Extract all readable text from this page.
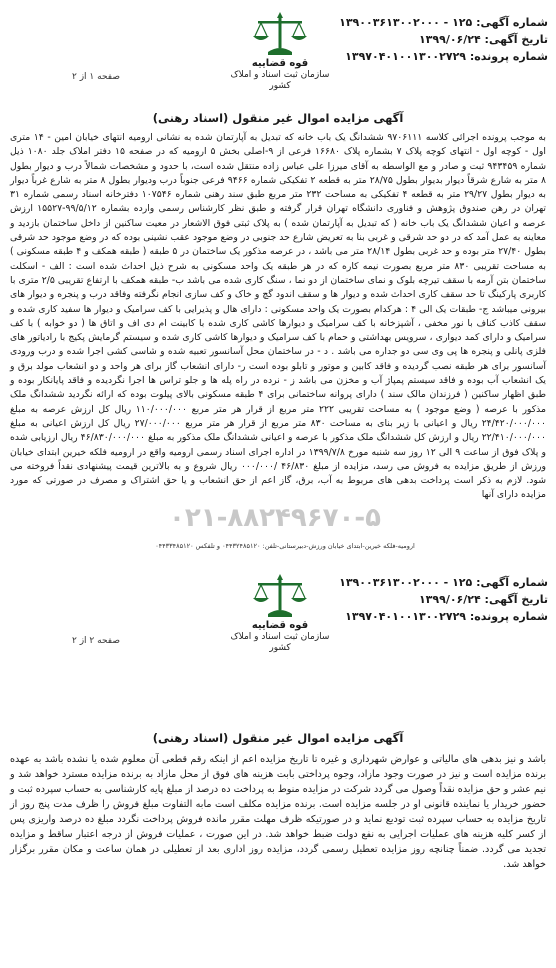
شماره آگهی: ۱۲۵ - ۱۳۹۰۰۳۶۱۳۰۰۲۰۰۰
تاریخ آگهی: ۱۳۹۹/۰۶/۲۴
شماره پرونده: ۱۳۹۷۰۴۰۱۰۰۱۳۰۰۲۷۲۹
قوه قضاییه
سازمان ثبت اسناد و املاک کشور
صفحه ۱ از ۲
آگهی مزایده اموال غیر منقول (اسناد رهنی)
به موجب پرونده اجرائی کلاسه ۹۷۰۶۱۱۱ ششدانگ یک باب خانه که تبدیل به آپارتمان شده به نشانی ارومیه انتهای خیابان امین - ۱۴ متری اول - کوچه اول - انتهای کوچه پلاک ۷ بشماره پلاک ۱۶۶۸۰ فرعی از ۹-اصلی بخش ۵ ارومیه که در صفحه ۱۵ دفتر املاک جلد ۱۰۸۰ ذیل شماره ۹۴۳۴۵۹ ثبت و صادر و مع الواسطه به آقای میرزا علی عباس زاده منتقل شده است، با حدود و مشخصات شمالاً درب و دیوار بطول ۸ متر به شارع شرقاً دیوار بدیوار بطول ۲۸/۷۵ متر به قطعه ۲ تفکیکی شماره ۹۴۶۶ فرعی جنوباً درب ودیوار بطول ۸ متر به شارع غرباً دیوار به دیوار بطول ۲۹/۲۷ متر به قطعه ۴ تفکیکی به مساحت ۲۳۲ متر مربع طبق سند رهنی شماره ۱۰۷۵۴۶ دفترخانه اسناد رسمی شماره ۳۱ تهران در رهن صندوق پژوهش و فناوری دانشگاه تهران قرار گرفته و طبق نظر کارشناس رسمی وارده بشماره ۹۹/۵/۱۲-۱۵۵۲۷ ارزش عرصه و اعیان ششدانگ یک باب خانه ( که تبدیل به آپارتمان شده ) به پلاک ثبتی فوق الاشعار در معیت ساکنین از داخل ساختمان بازدید و معاینه به عمل آمد که در دو حد شرقی و غربی بنا به تعریض شارع حد جنوبی در وضع موجود عقب نشینی بوده که در وضع موجود حد شرقی بطول ۲۷/۴۰ متر بوده و حد غربی بطول ۲۸/۱۴ متر می باشد ، در عرصه مذکور یک ساختمان در ۵ طبقه ( طبقه همکف و ۴ طبقه مسکونی ) به مساحت تقریبی ۸۳۰ متر مربع بصورت نیمه کاره که در هر طبقه یک واحد مسکونی به شرح ذیل احداث شده است : الف - اسکلت ساختمان بتن آرمه با سقف تیرچه بلوک و نمای ساختمان از دو نما ، سنگ کاری شده می باشد ب- طبقه همکف با ارتفاع تقریبی ۲/۵ متری با کاربری پارکینگ تا حد سقف کاری احداث شده و دیوار ها و سقف اندود گچ و خاک و کف سازی انجام نگرفته وفاقد درب و پنجره و دیوار های بیرونی میباشد ج- طبقات یک الی ۴ : هرکدام بصورت یک واحد مسکونی : دارای هال و پذیرایی با کف سرامیک و دیوار ها سفید کاری شده و سقف کاذب کناف با نور مخفی ، آشپزخانه با کف سرامیک و دیوارها کاشی کاری شده با کابینت ام دی اف و اتاق ها ( دو خوابه ) با کف سرامیک و دارای کمد دیواری ، سرویس بهداشتی و حمام با کف سرامیک و دیوارها کاشی کاری شده و سیستم گرمایش پکیج با رادیاتور های فلزی پانلی و پنجره ها پی وی سی دو جداره می باشد . د - در ساختمان محل آسانسور تعبیه شده و شاسی کشی اجرا شده و درب ورودی آسانسور برای هر طبقه نصب گردیده و فاقد کابین و موتور و تابلو بوده است ر- دارای انشعاب گاز برای هر واحد و دو انشعاب مولد برق و یک انشعاب آب بوده و فاقد سیستم پمپاژ آب و مخزن می باشد ز - نرده در راه پله ها و جلو تراس ها اجرا نگردیده و فاقد پایانکار بوده و طبق اظهار ساکنین ( فرزندان مالک سند ) دارای پروانه ساختمانی برای ۴ طبقه مسکونی بالای پیلوت بوده که ارائه نگردید ششدانگ ملک مذکور با عرصه ( وضع موجود ) به مساحت تقریبی ۲۲۲ متر مربع از قرار هر متر مربع ۱۱۰/۰۰۰/۰۰۰ ریال کل ارزش عرصه به مبلغ ۲۴/۴۲۰/۰۰۰/۰۰۰ ریال و اعیانی با زیر بنای به مساحت ۸۳۰ متر مربع از قرار هر متر مربع ۲۷/۰۰۰/۰۰۰ ریال کل ارزش اعیانی به مبلغ ۲۲/۴۱۰/۰۰۰/۰۰۰ ریال و ارزش کل ششدانگ ملک مذکور با عرصه و اعیانی ششدانگ ملک مذکور به مبلغ ۴۶/۸۳۰/۰۰۰/۰۰۰ ریال ارزیابی شده و پلاک فوق از ساعت ۹ الی ۱۲ روز سه شنبه مورخ ۱۳۹۹/۷/۸ در اداره اجرای اسناد رسمی ارومیه واقع در ارومیه فلکه خیرین ابتدای خیابان ورزش از طریق مزایده به فروش می رسد، مزایده از مبلغ ۴۶/۸۳۰ /۰۰۰/۰۰۰ ریال شروع و به بالاترین قیمت پیشنهادی نقداً فروخته می شود. لازم به ذکر است پرداخت بدهی های مربوط به آب، برق، گاز اعم از حق انشعاب و یا حق اشتراک و مصرف در صورتی که مورد مزایده دارای آنها
۰۲۱-۸۸۲۴۹۶۷۰-۵
ارومیه-فلکه خیرین-ابتدای خیابان ورزش-دبیرستانی-تلفن: ۰۴۴۳۲۴۸۵۱۲۰ و تلفکس ۰۴۴۳۳۴۸۵۱۲۰
شماره آگهی: ۱۲۵ - ۱۳۹۰۰۳۶۱۳۰۰۲۰۰۰
تاریخ آگهی: ۱۳۹۹/۰۶/۲۴
شماره پرونده: ۱۳۹۷۰۴۰۱۰۰۱۳۰۰۲۷۲۹
قوه قضاییه
سازمان ثبت اسناد و املاک کشور
صفحه ۲ از ۲
آگهی مزایده اموال غیر منقول (اسناد رهنی)
باشد و نیز بدهی های مالیاتی و عوارض شهرداری و غیره تا تاریخ مزایده اعم از اینکه رقم قطعی آن معلوم شده یا نشده باشد به عهده برنده مزایده است و نیز در صورت وجود مازاد، وجوه پرداختی بابت هزینه های فوق از محل مازاد به برنده مزایده مسترد خواهد شد و نیم عشر و حق مزایده نقداً وصول می گردد شرکت در مزایده منوط به پرداخت ده درصد از مبلغ پایه کارشناسی به حساب سپرده ثبت و حضور خریدار یا نماینده قانونی او در جلسه مزایده است. برنده مزایده مکلف است مابه التفاوت مبلغ فروش را ظرف مدت پنج روز از تاریخ مزایده به حساب سپرده ثبت تودیع نماید و در صورتیکه ظرف مهلت مقرر مانده فروش پرداخت نگردد مبلغ ده درصد واریزی پس از کسر کلیه هزینه های عملیات اجرایی به نفع دولت ضبط خواهد شد. در این صورت ، عملیات فروش از درجه اعتبار ساقط و مزایده تجدید می گردد. ضمناً چنانچه روز مزایده تعطیل رسمی گردد، مزایده روز اداری بعد از تعطیلی در همان ساعت و مکان مقرر برگزار خواهد شد.
